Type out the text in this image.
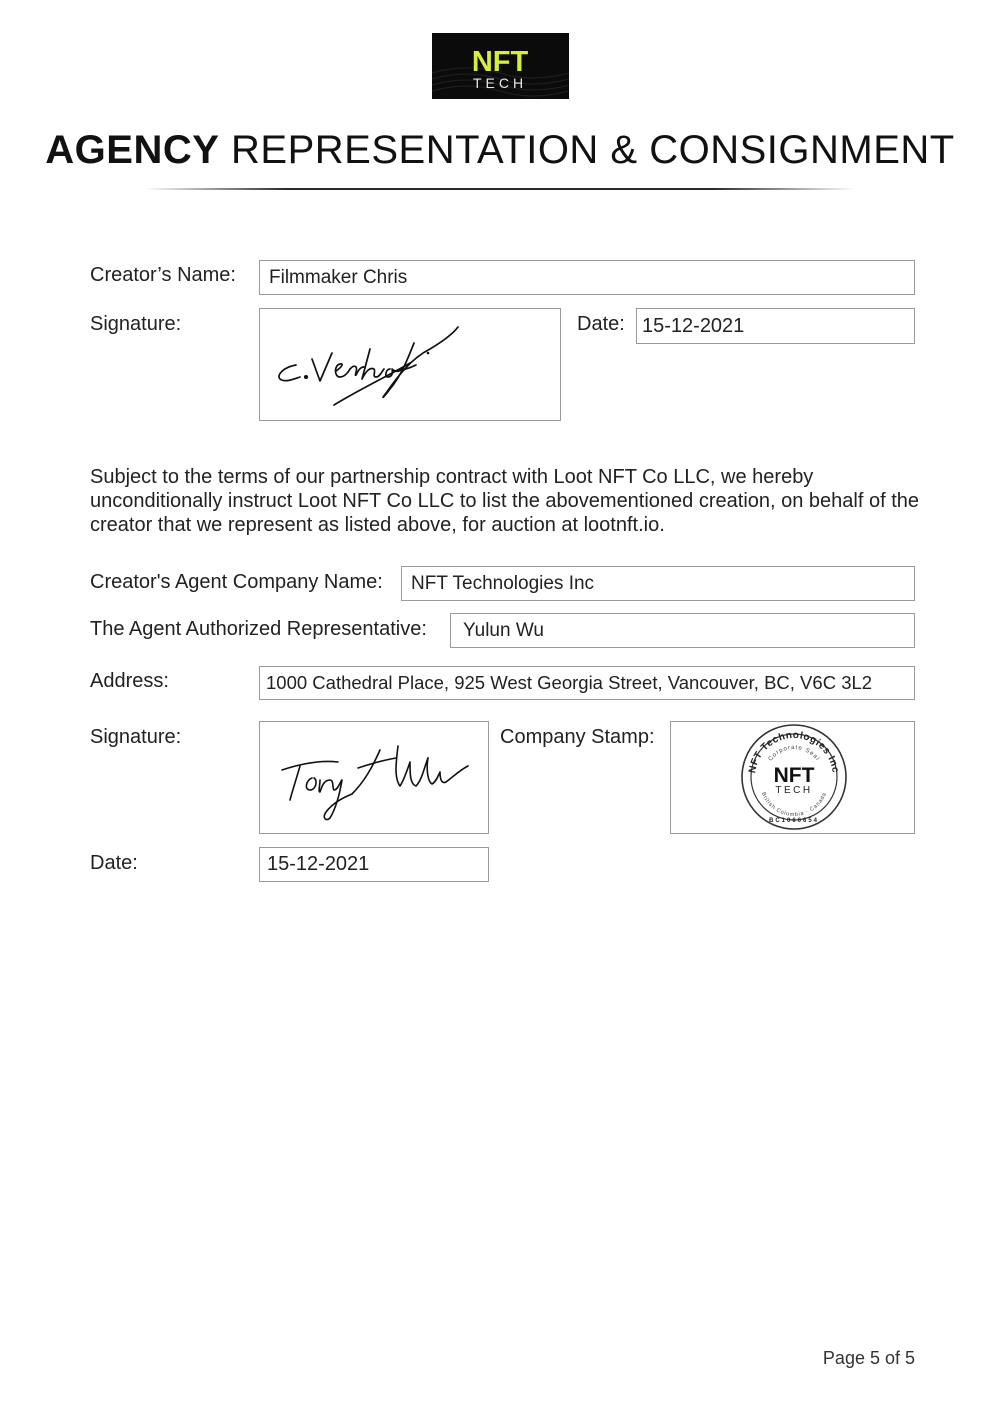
NFT
TECH
AGENCY REPRESENTATION & CONSIGNMENT
Creator’s Name:	Filmmaker Chris
Signature:	Date: 15-12-2021
Subject to the terms of our partnership contract with Loot NFT Co LLC, we hereby unconditionally instruct Loot NFT Co LLC to list the abovementioned creation, on behalf of the creator that we represent as listed above, for auction at lootnft.io.
Creator's Agent Company Name:	NFT Technologies Inc
The Agent Authorized Representative:	Yulun Wu
Address:	1000 Cathedral Place, 925 West Georgia Street, Vancouver, BC, V6C 3L2
Signature:	Company Stamp:
NFT Technologies Inc
Corporate Seal
NFT
TECH
British Columbia · Canada
BC1066654
Date:	15-12-2021
Page 5 of 5
